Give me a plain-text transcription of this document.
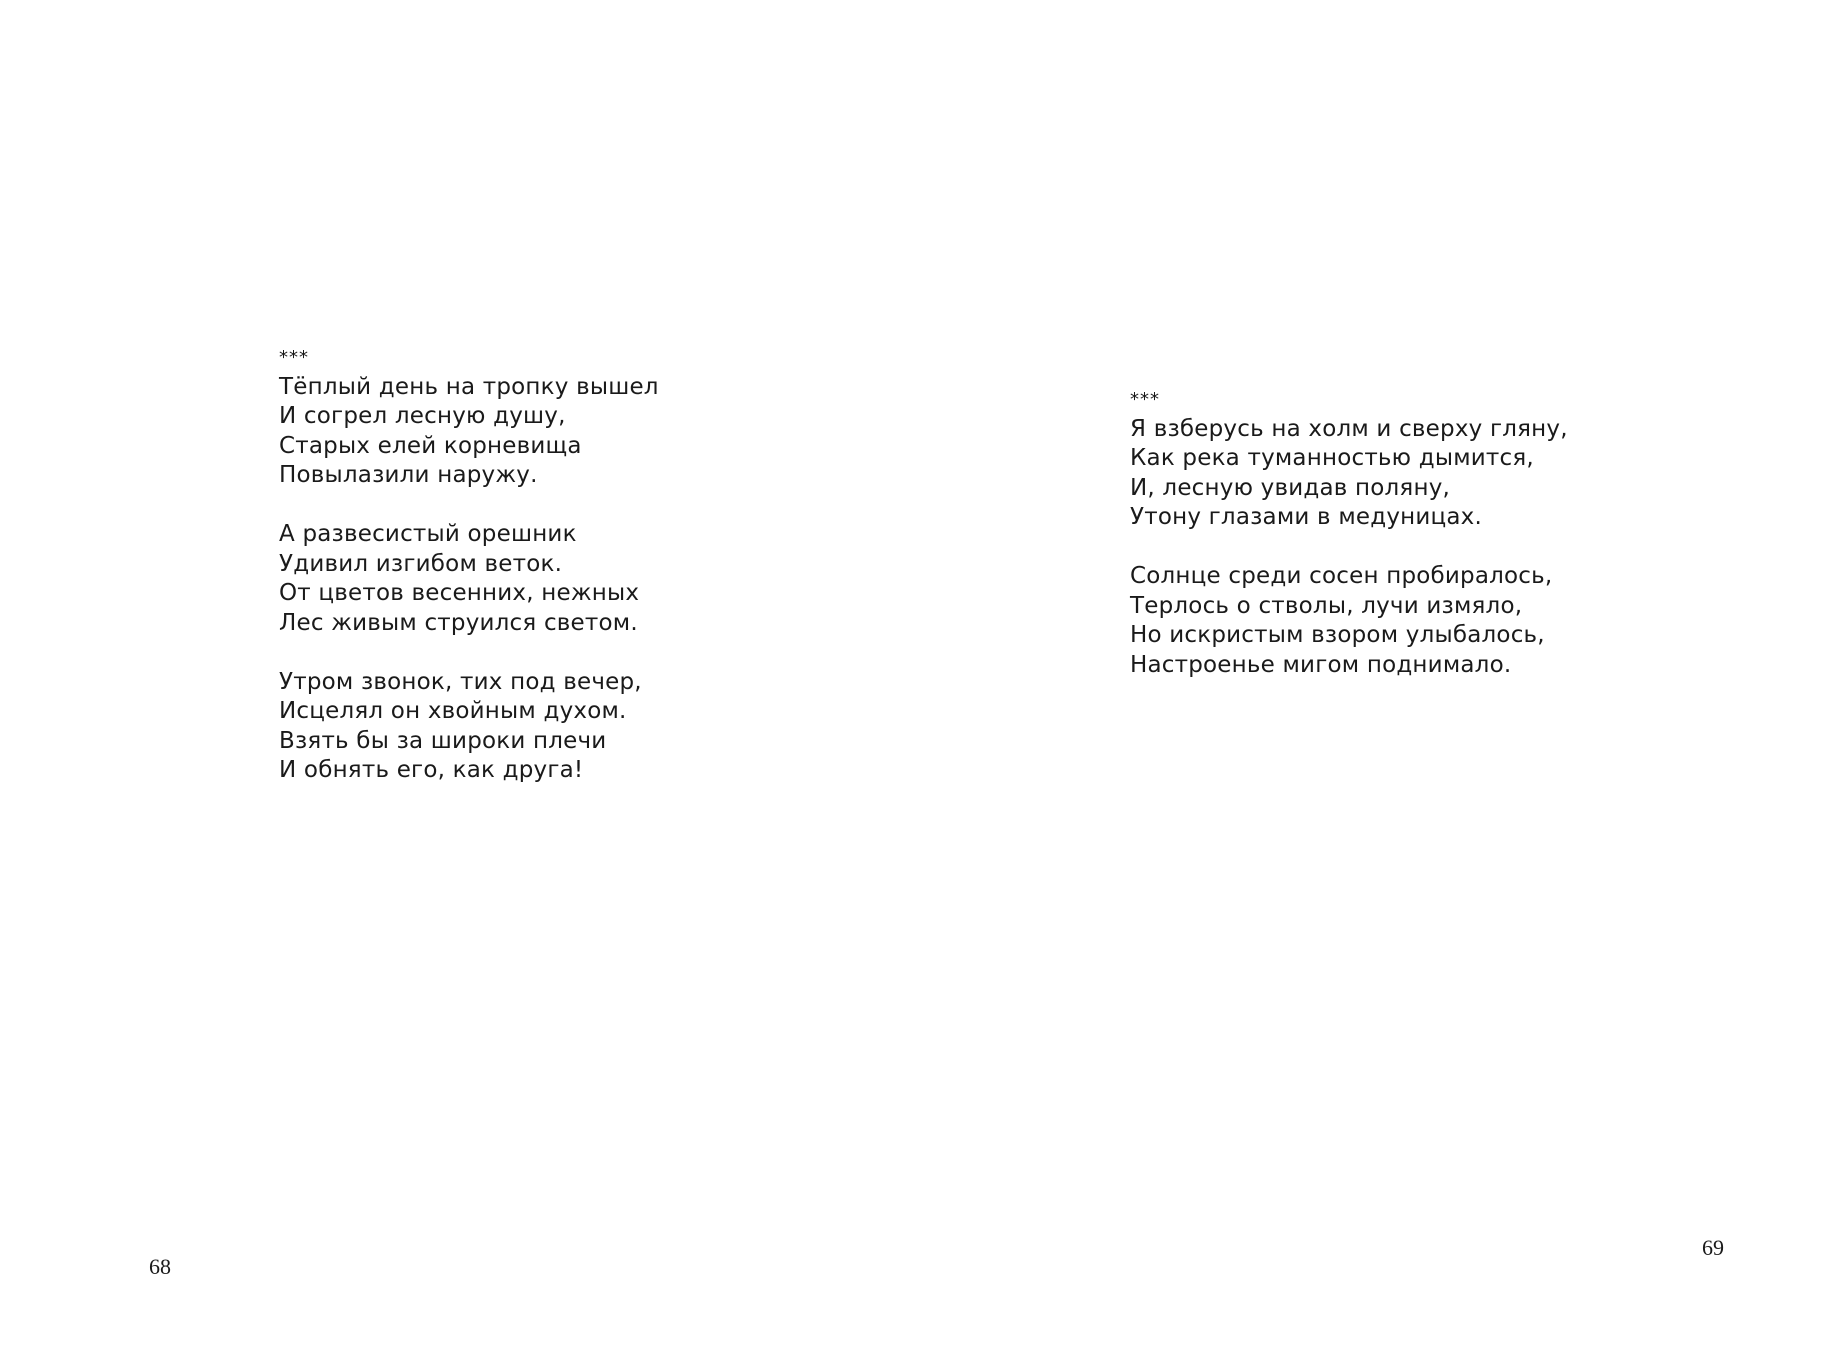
***
Тёплый день на тропку вышел
И согрел лесную душу,
Старых елей корневища
Повылазили наружу.
А развесистый орешник
Удивил изгибом веток.
От цветов весенних, нежных
Лес живым струился светом.
Утром звонок, тих под вечер,
Исцелял он хвойным духом.
Взять бы за широки плечи
И обнять его, как друга!
68
***
Я взберусь на холм и сверху гляну,
Как река туманностью дымится,
И, лесную увидав поляну,
Утону глазами в медуницах.
Солнце среди сосен пробиралось,
Терлось о стволы, лучи измяло,
Но искристым взором улыбалось,
Настроенье мигом поднимало.
69
